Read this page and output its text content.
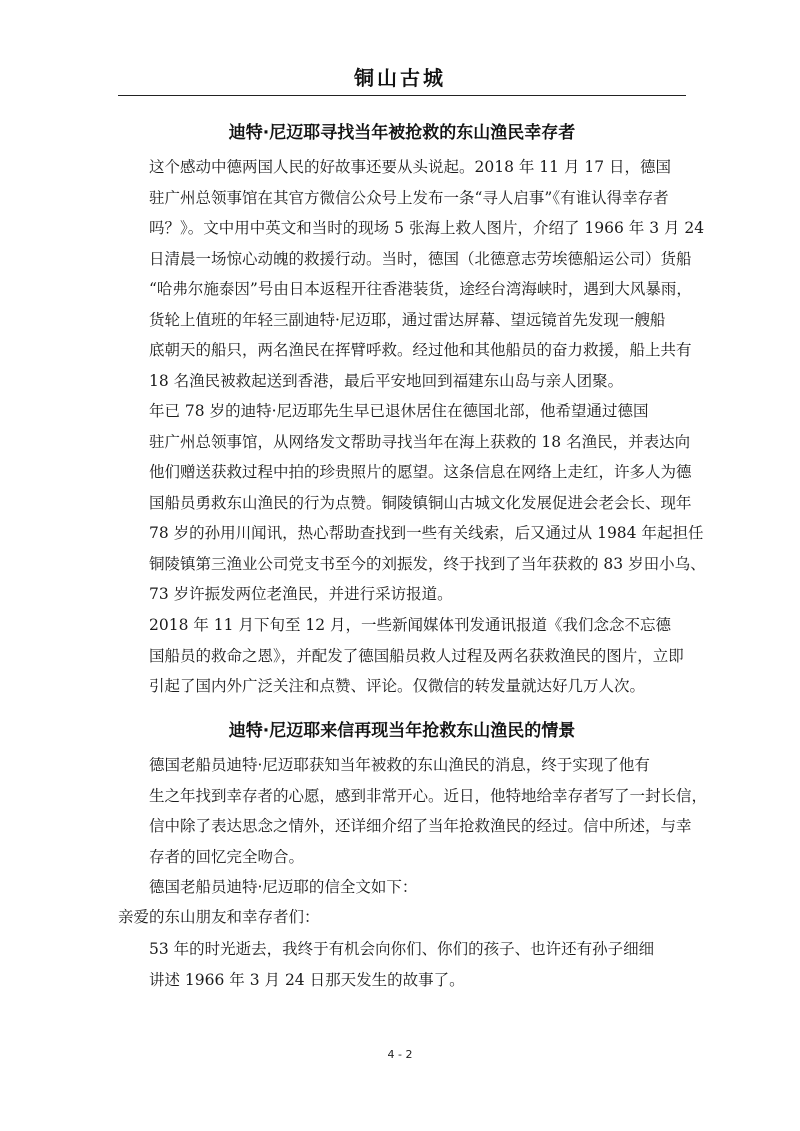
铜山古城
迪特·尼迈耶寻找当年被抢救的东山渔民幸存者
这个感动中德两国人民的好故事还要从头说起。2018 年 11 月 17 日，德国
驻广州总领事馆在其官方微信公众号上发布一条“寻人启事”《有谁认得幸存者
吗？》。文中用中英文和当时的现场 5 张海上救人图片，介绍了 1966 年 3 月 24
日清晨一场惊心动魄的救援行动。当时，德国（北德意志劳埃德船运公司）货船
“哈弗尔施泰因”号由日本返程开往香港装货，途经台湾海峡时，遇到大风暴雨，
货轮上值班的年轻三副迪特·尼迈耶，通过雷达屏幕、望远镜首先发现一艘船
底朝天的船只，两名渔民在挥臂呼救。经过他和其他船员的奋力救援，船上共有
18 名渔民被救起送到香港，最后平安地回到福建东山岛与亲人团聚。
年已 78 岁的迪特·尼迈耶先生早已退休居住在德国北部，他希望通过德国
驻广州总领事馆，从网络发文帮助寻找当年在海上获救的 18 名渔民，并表达向
他们赠送获救过程中拍的珍贵照片的愿望。这条信息在网络上走红，许多人为德
国船员勇救东山渔民的行为点赞。铜陵镇铜山古城文化发展促进会老会长、现年
78 岁的孙用川闻讯，热心帮助查找到一些有关线索，后又通过从 1984 年起担任
铜陵镇第三渔业公司党支书至今的刘振发，终于找到了当年获救的 83 岁田小乌、
73 岁许振发两位老渔民，并进行采访报道。
2018 年 11 月下旬至 12 月，一些新闻媒体刊发通讯报道《我们念念不忘德
国船员的救命之恩》，并配发了德国船员救人过程及两名获救渔民的图片，立即
引起了国内外广泛关注和点赞、评论。仅微信的转发量就达好几万人次。
迪特·尼迈耶来信再现当年抢救东山渔民的情景
德国老船员迪特·尼迈耶获知当年被救的东山渔民的消息，终于实现了他有
生之年找到幸存者的心愿，感到非常开心。近日，他特地给幸存者写了一封长信，
信中除了表达思念之情外，还详细介绍了当年抢救渔民的经过。信中所述，与幸
存者的回忆完全吻合。
德国老船员迪特·尼迈耶的信全文如下：
亲爱的东山朋友和幸存者们：
53 年的时光逝去，我终于有机会向你们、你们的孩子、也许还有孙子细细
讲述 1966 年 3 月 24 日那天发生的故事了。
4 - 2
